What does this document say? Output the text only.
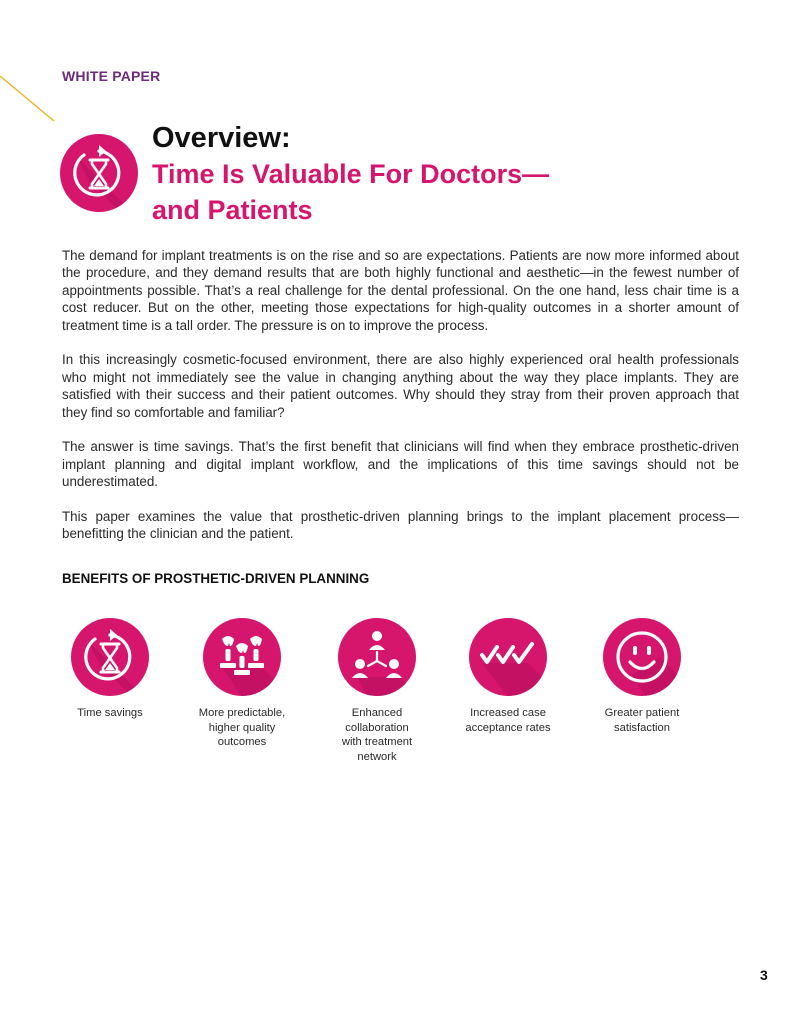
WHITE PAPER
Overview:
Time Is Valuable For Doctors—
and Patients

The demand for implant treatments is on the rise and so are expectations. Patients are now more informed about the procedure, and they demand results that are both highly functional and aesthetic—in the fewest number of appointments possible. That’s a real challenge for the dental professional. On the one hand, less chair time is a cost reducer. But on the other, meeting those expectations for high-quality outcomes in a shorter amount of treatment time is a tall order. The pressure is on to improve the process.

In this increasingly cosmetic-focused environment, there are also highly experienced oral health professionals who might not immediately see the value in changing anything about the way they place implants. They are satisfied with their success and their patient outcomes. Why should they stray from their proven approach that they find so comfortable and familiar?

The answer is time savings. That’s the first benefit that clinicians will find when they embrace prosthetic-driven implant planning and digital implant workflow, and the implications of this time savings should not be underestimated.

This paper examines the value that prosthetic-driven planning brings to the implant placement process—benefitting the clinician and the patient.

BENEFITS OF PROSTHETIC-DRIVEN PLANNING
Time savings	More predictable,
higher quality
outcomes
Enhanced
collaboration
with treatment
network
Increased case
acceptance rates
Greater patient
satisfaction
3
